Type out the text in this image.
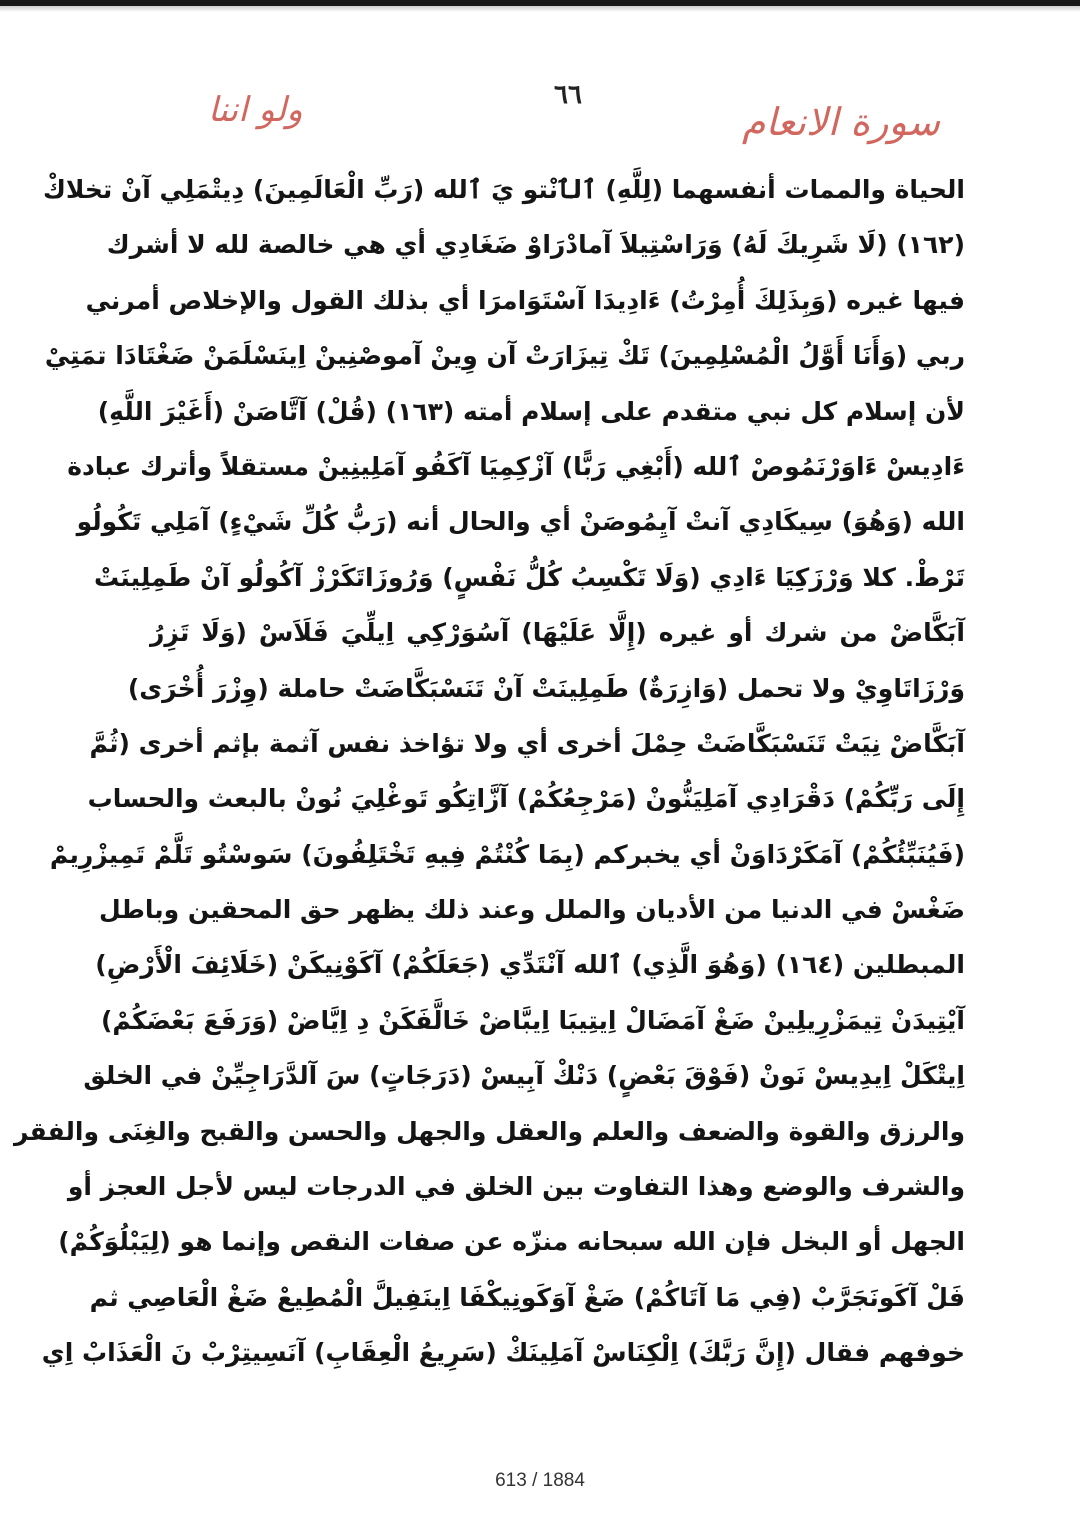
سورة الانعام
٦٦
ولو اننا
الحياة والممات أنفسهما (لِلَّهِ) ٱلٱنْتو يَ ٱلله (رَبِّ الْعَالَمِينَ) دِيتْمَلِي آنْ تخلاكْ
(١٦٢) (لَا شَرِيكَ لَهُ) وَرَاسْتِيلاَ آمادْرَاوْ ضَغَادِي أي هي خالصة لله لا أشرك
فيها غيره (وَبِذَلِكَ أُمِرْتُ) ءَادِيدَا آسْتَوَامرَا أي بذلك القول والإخلاص أمرني
ربي (وَأَنَا أَوَّلُ الْمُسْلِمِينَ) تَكْ تِيزَارَتْ آن وِينْ آموصْنِينْ اِينَسْلَمَنْ ضَغْتَادَا تمَتِيْ
لأن إسلام كل نبي متقدم على إسلام أمته (١٦٣) (قُلْ) آتَّاصَنْ (أَغَيْرَ اللَّهِ)
ءَادِيسْ ءَاوَرْنَمُوصْ ٱلله (أَبْغِي رَبًّا) آزْكِمِيَا آكَفُو آمَلِينِينْ مستقلاً وأترك عبادة
الله (وَهُوَ) سِيكَادِي آنتْ آيِمُوصَنْ أي والحال أنه (رَبُّ كُلِّ شَيْءٍ) آمَلِي تَكُولُو
تَرْطْ. كلا وَرْزَكِيَا ءَادِي (وَلَا تَكْسِبُ كُلُّ نَفْسٍ) وَرُوزَاتَكَرْزْ آكُولُو آنْ طَمِلِينَتْ
آبَكَّاضْ من شرك أو غيره (إِلَّا عَلَيْهَا) آسُوَرْكِي اِيلِّيَ فَلَاَسْ (وَلَا تَزِرُ
وَرْزَاتَاوِيْ ولا تحمل (وَازِرَةٌ) طَمِلِينَتْ آنْ تَنَسْبَكَّاضَتْ حاملة (وِزْرَ أُخْرَى)
آبَكَّاضْ نِيَتْ تَنَسْبَكَّاضَتْ حِمْلَ أخرى أي ولا تؤاخذ نفس آثمة بإثم أخرى (ثُمَّ
إِلَى رَبِّكُمْ) دَقْرَادِي آمَلِيَنُّونْ (مَرْجِعُكُمْ) آزَّاتِكُو تَوغْلِيَ نُونْ بالبعث والحساب
(فَيُنَبِّئُكُمْ) آمَكَرْدَاوَنْ أي يخبركم (بِمَا كُنْتُمْ فِيهِ تَخْتَلِفُونَ) سَوسْتُو تَلَّمْ تَمِيزْرِيمْ
ضَغْسْ في الدنيا من الأديان والملل وعند ذلك يظهر حق المحقين وباطل
المبطلين (١٦٤) (وَهُوَ الَّذِي) ٱلله آنْتَدِّي (جَعَلَكُمْ) آكَوْنِيكَنْ (خَلَائِفَ الْأَرْضِ)
آيْتِيدَنْ تِيمَزْرِيلِينْ ضَغْ آمَضَالْ اِيتِيبَا اِيبَّاضْ خَالَّفَكَنْ دِ اِيَّاضْ (وَرَفَعَ بَعْضَكُمْ)
اِيتْكَلْ اِيدِيسْ نَونْ (فَوْقَ بَعْضٍ) دَنْكْ آبِيسْ (دَرَجَاتٍ) سَ آلدَّرَاجِيِّنْ في الخلق
والرزق والقوة والضعف والعلم والعقل والجهل والحسن والقبح والغِنَى والفقر
والشرف والوضع وهذا التفاوت بين الخلق في الدرجات ليس لأجل العجز أو
الجهل أو البخل فإن الله سبحانه منزّه عن صفات النقص وإنما هو (لِيَبْلُوَكُمْ)
فَلْ آكَونَجَرَّبْ (فِي مَا آتَاكُمْ) ضَغْ آوَكَونِيكْفَا اِينَفِيلَّ الْمُطِيعْ ضَغْ الْعَاصِي ثم
خوفهم فقال (إِنَّ رَبَّكَ) اِلْكِنَاسْ آمَلِينَكْ (سَرِيعُ الْعِقَابِ) آنَسِيتِرْبْ نَ الْعَذَابْ اِي
613 / 1884
